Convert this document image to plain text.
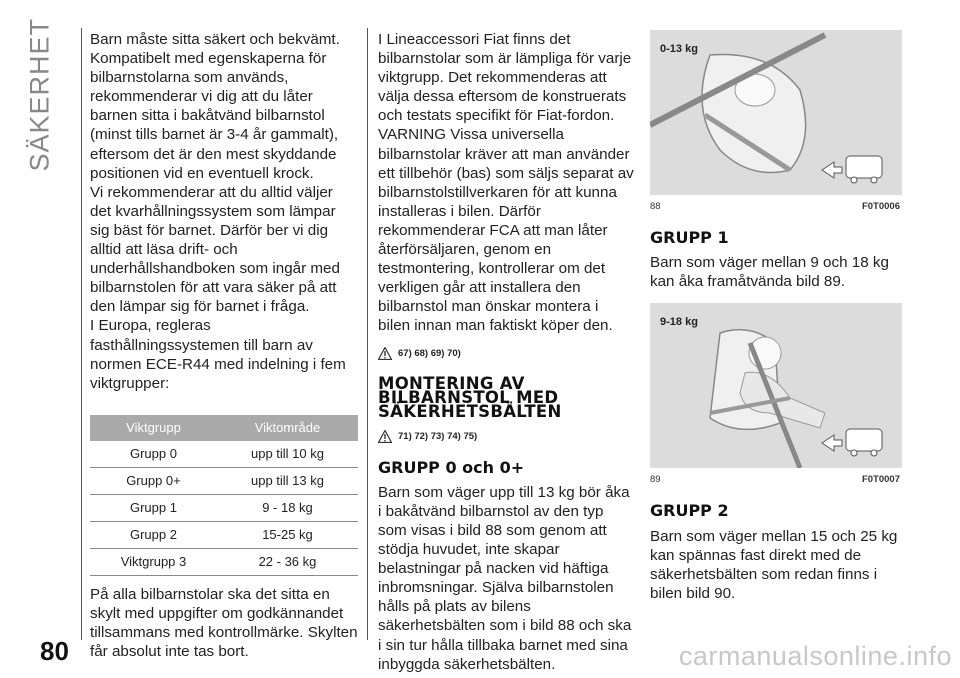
SÄKERHET Barn måste sitta säkert och bekvämt. Kompatibelt med egenskaperna för bilbarnstolarna som används, rekommenderar vi dig att du låter barnen sitta i bakåtvänd bilbarnstol (minst tills barnet är 3-4 år gammalt), eftersom det är den mest skyddande positionen vid en eventuell krock.

Vi rekommenderar att du alltid väljer det kvarhållningssystem som lämpar sig bäst för barnet. Därför ber vi dig alltid att läsa drift- och underhållshandboken som ingår med bilbarnstolen för att vara säker på att den lämpar sig för barnet i fråga.

I Europa, regleras fasthållningssystemen till barn av normen ECE-R44 med indelning i fem viktgrupper:

Viktgrupp	Viktområde
Grupp 0	upp till 10 kg
Grupp 0+	upp till 13 kg
Grupp 1	9 - 18 kg
Grupp 2	15-25 kg
Viktgrupp 3	22 - 36 kg

På alla bilbarnstolar ska det sitta en skylt med uppgifter om godkännandet tillsammans med kontrollmärke. Skylten får absolut inte tas bort.

I Lineaccessori Fiat finns det bilbarnstolar som är lämpliga för varje viktgrupp. Det rekommenderas att välja dessa eftersom de konstruerats och testats specifikt för Fiat-fordon. VARNING Vissa universella bilbarnstolar kräver att man använder ett tillbehör (bas) som säljs separat av bilbarnstolstillverkaren för att kunna installeras i bilen. Därför rekommenderar FCA att man låter återförsäljaren, genom en testmontering, kontrollerar om det verkligen går att installera den bilbarnstol man önskar montera i bilen innan man faktiskt köper den.

67) 68) 69) 70)
MONTERING AV BILBARNSTOL MED SÄKERHETSBÄLTEN
71) 72) 73) 74) 75)
GRUPP 0 och 0+

Barn som väger upp till 13 kg bör åka i bakåtvänd bilbarnstol av den typ som visas i bild 88 som genom att stödja huvudet, inte skapar belastningar på nacken vid häftiga inbromsningar. Själva bilbarnstolen hålls på plats av bilens säkerhetsbälten som i bild 88 och ska i sin tur hålla tillbaka barnet med sina inbyggda säkerhetsbälten.

0-13 kg
88	F0T0006
GRUPP 1

Barn som väger mellan 9 och 18 kg kan åka framåtvända bild 89.

9-18 kg
89	F0T0007
GRUPP 2

Barn som väger mellan 15 och 25 kg kan spännas fast direkt med de säkerhetsbälten som redan finns i bilen bild 90.

80	carmanualsonline.info
